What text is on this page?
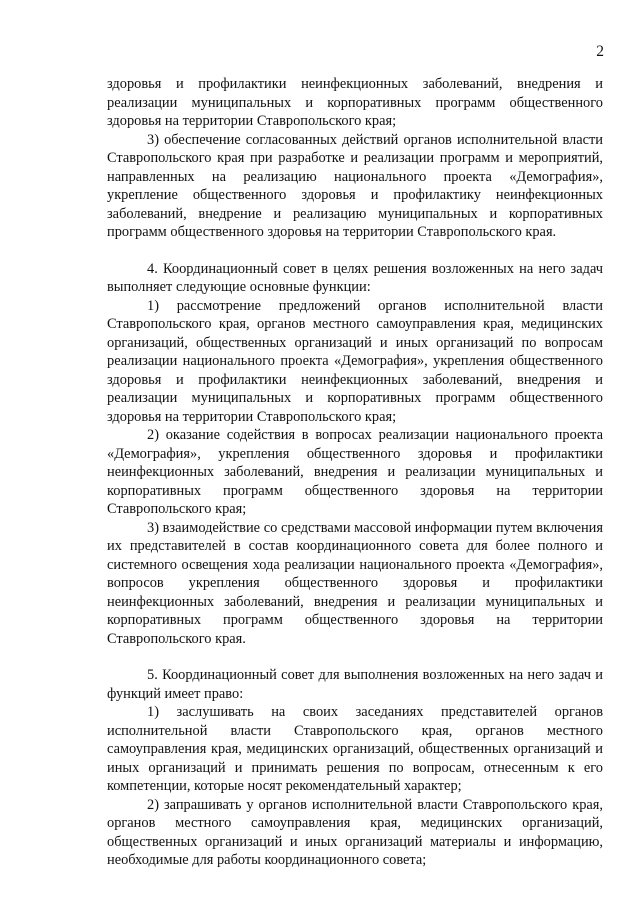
2

здоровья и профилактики неинфекционных заболеваний, внедрения и реализации муниципальных и корпоративных программ общественного здоровья на территории Ставропольского края;

3) обеспечение согласованных действий органов исполнительной власти Ставропольского края при разработке и реализации программ и мероприятий, направленных на реализацию национального проекта «Демография», укрепление общественного здоровья и профилактику неинфекционных заболеваний, внедрение и реализацию муниципальных и корпоративных программ общественного здоровья на территории Ставропольского края.

4. Координационный совет в целях решения возложенных на него задач выполняет следующие основные функции:

1) рассмотрение предложений органов исполнительной власти Ставропольского края, органов местного самоуправления края, медицинских организаций, общественных организаций и иных организаций по вопросам реализации национального проекта «Демография», укрепления общественного здоровья и профилактики неинфекционных заболеваний, внедрения и реализации муниципальных и корпоративных программ общественного здоровья на территории Ставропольского края;

2) оказание содействия в вопросах реализации национального проекта «Демография», укрепления общественного здоровья и профилактики неинфекционных заболеваний, внедрения и реализации муниципальных и корпоративных программ общественного здоровья на территории Ставропольского края;

3) взаимодействие со средствами массовой информации путем включения их представителей в состав координационного совета для более полного и системного освещения хода реализации национального проекта «Демография», вопросов укрепления общественного здоровья и профилактики неинфекционных заболеваний, внедрения и реализации муниципальных и корпоративных программ общественного здоровья на территории Ставропольского края.

5. Координационный совет для выполнения возложенных на него задач и функций имеет право:

1) заслушивать на своих заседаниях представителей органов исполнительной власти Ставропольского края, органов местного самоуправления края, медицинских организаций, общественных организаций и иных организаций и принимать решения по вопросам, отнесенным к его компетенции, которые носят рекомендательный характер;

2) запрашивать у органов исполнительной власти Ставропольского края, органов местного самоуправления края, медицинских организаций, общественных организаций и иных организаций материалы и информацию, необходимые для работы координационного совета;
